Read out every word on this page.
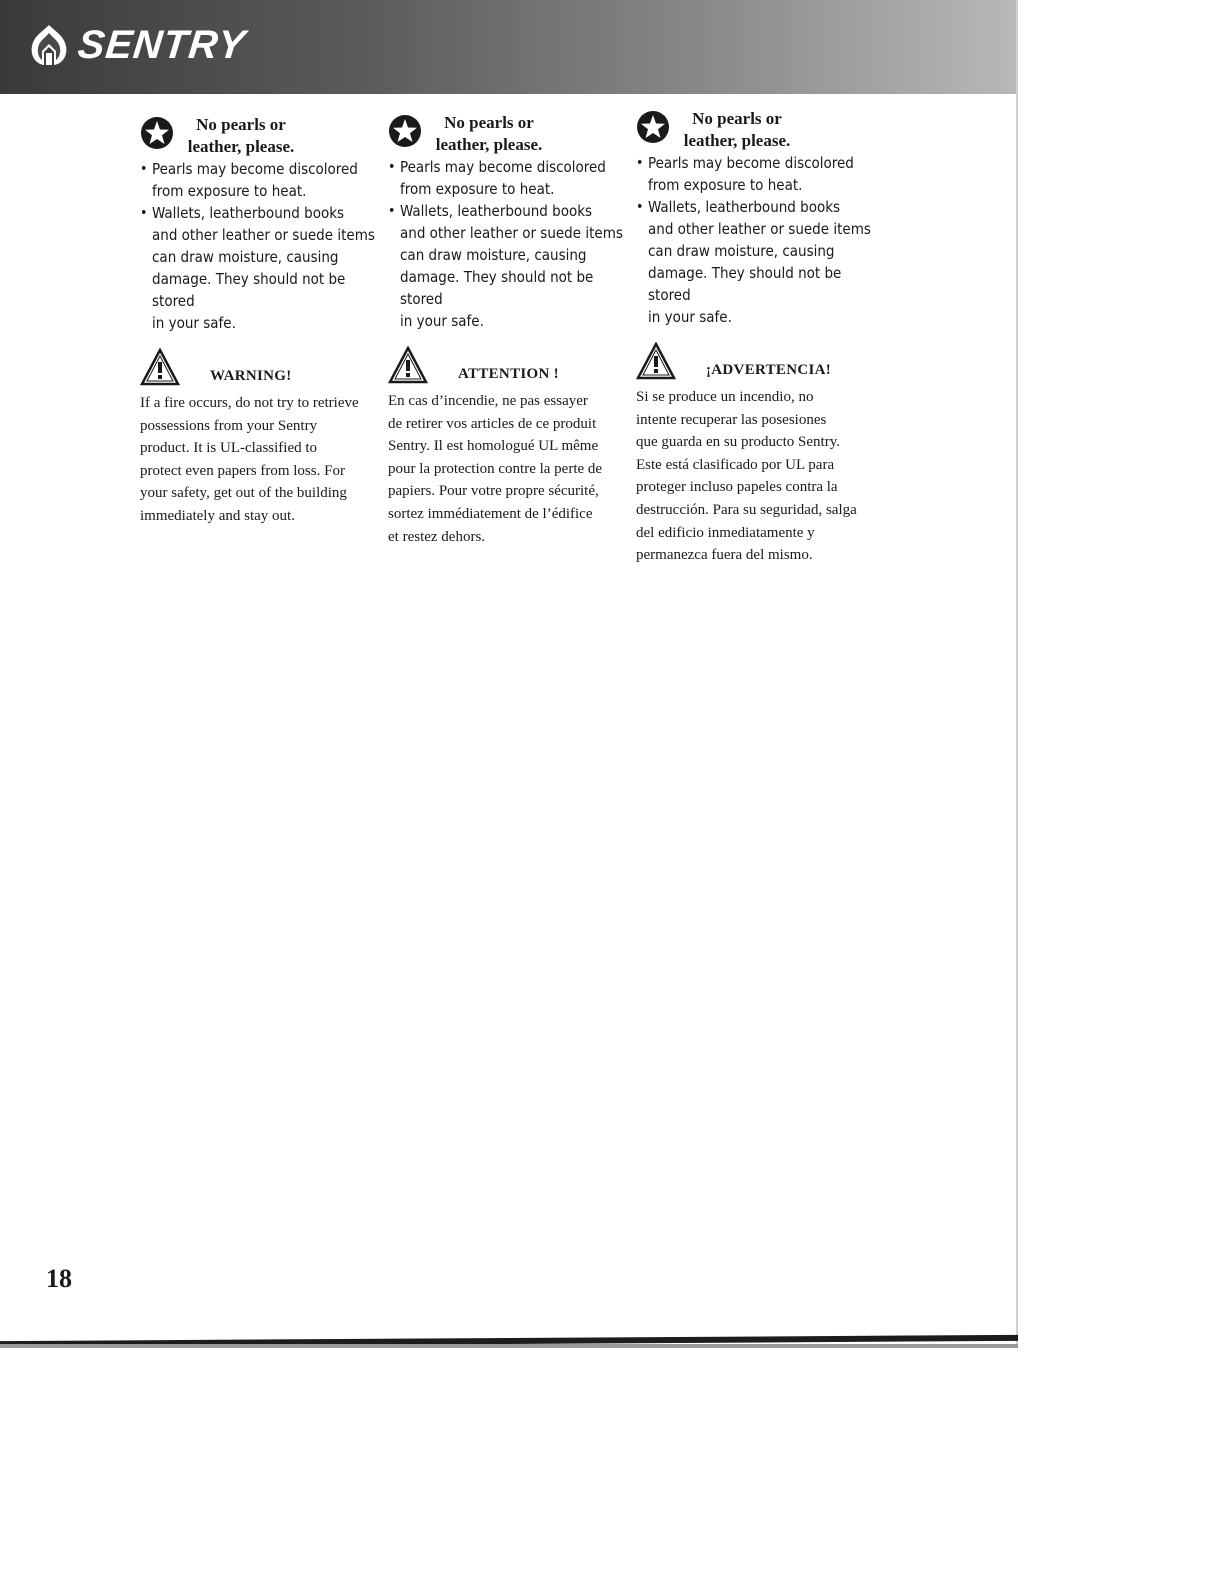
SENTRY
No pearls or leather, please.
• Pearls may become discolored
from exposure to heat.
• Wallets, leatherbound books
and other leather or suede items
can draw moisture, causing
damage. They should not be stored
in your safe.
WARNING!
If a fire occurs, do not try to retrieve
possessions from your Sentry
product. It is UL-classified to
protect even papers from loss. For
your safety, get out of the building
immediately and stay out.
No pearls or leather, please.
• Pearls may become discolored
from exposure to heat.
• Wallets, leatherbound books
and other leather or suede items
can draw moisture, causing
damage. They should not be stored
in your safe.
ATTENTION !
En cas d’incendie, ne pas essayer
de retirer vos articles de ce produit
Sentry. Il est homologué UL même
pour la protection contre la perte de
papiers. Pour votre propre sécurité,
sortez immédiatement de l’édifice
et restez dehors.
No pearls or leather, please.
• Pearls may become discolored
from exposure to heat.
• Wallets, leatherbound books
and other leather or suede items
can draw moisture, causing
damage. They should not be stored
in your safe.
¡ADVERTENCIA!
Si se produce un incendio, no
intente recuperar las posesiones
que guarda en su producto Sentry.
Este está clasificado por UL para
proteger incluso papeles contra la
destrucción. Para su seguridad, salga
del edificio inmediatamente y
permanezca fuera del mismo.
18
